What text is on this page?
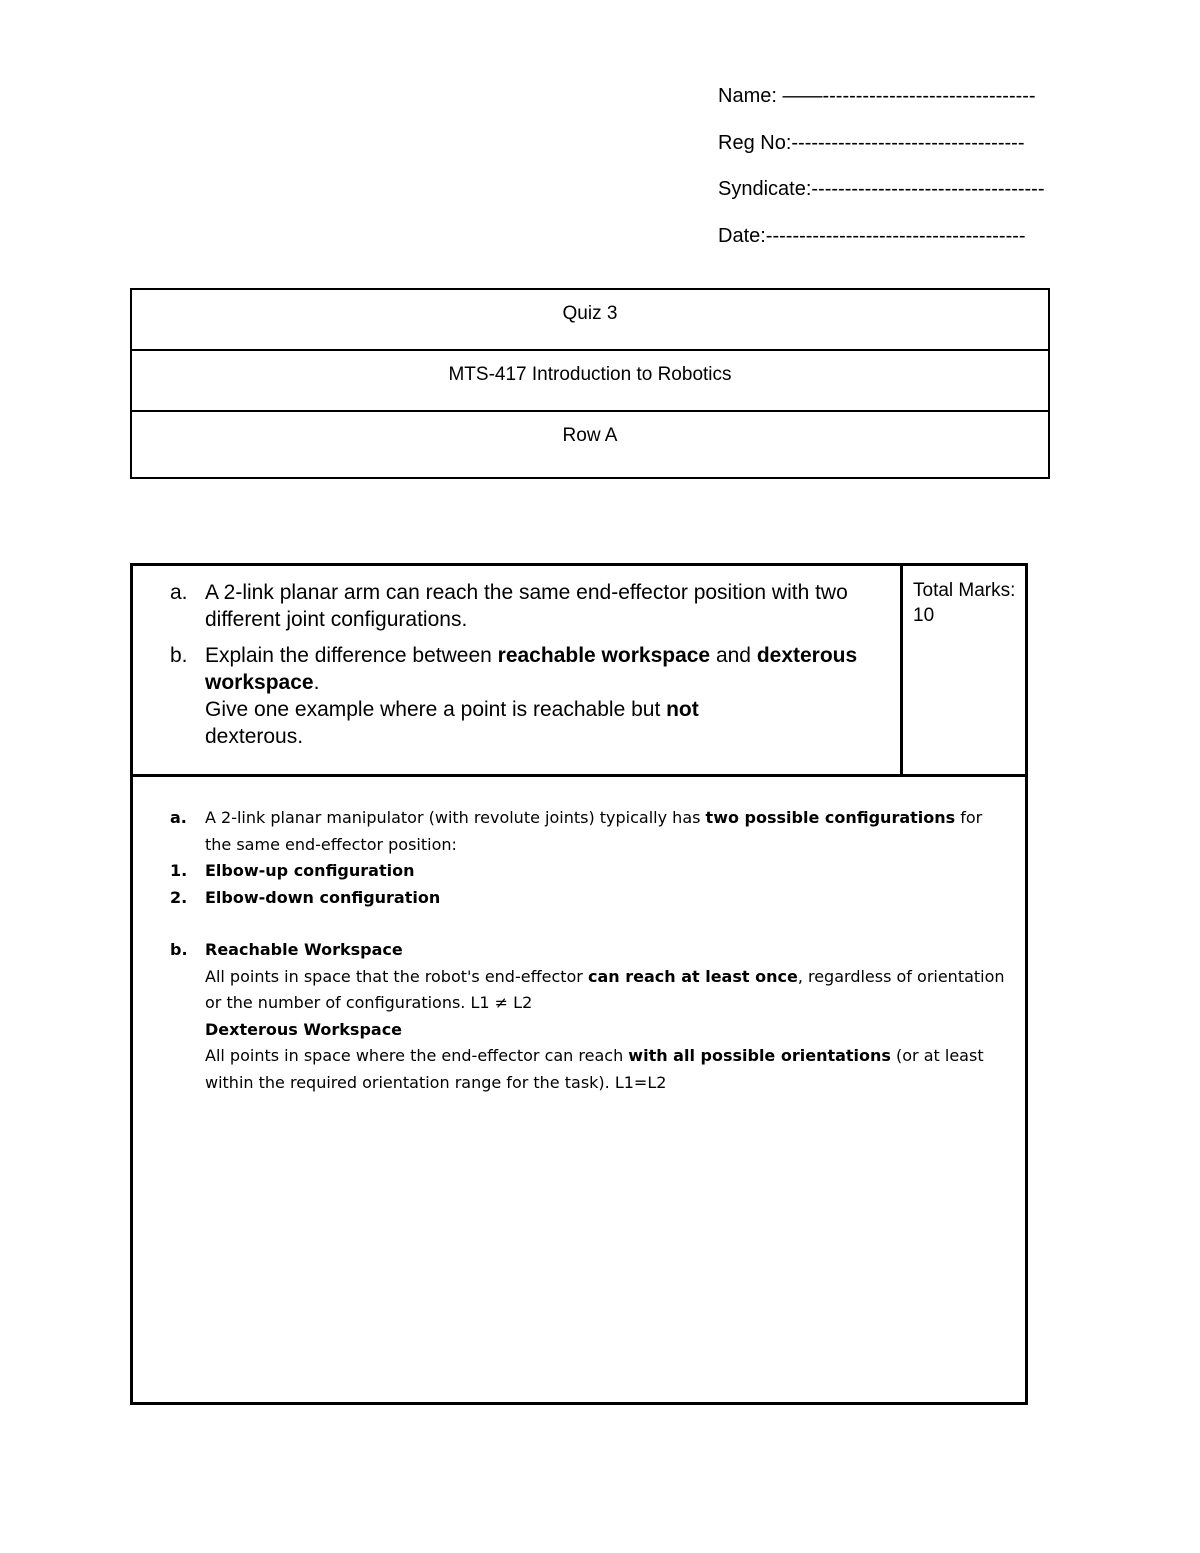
Name: ——--------------------------------
Reg No:-----------------------------------
Syndicate:-----------------------------------
Date:---------------------------------------
Quiz 3
MTS-417 Introduction to Robotics
Row A
a. A 2-link planar arm can reach the same end-effector position with two different joint configurations.
b. Explain the difference between reachable workspace and dexterous workspace.
Give one example where a point is reachable but not
dexterous.
Total Marks: 10
a. A 2-link planar manipulator (with revolute joints) typically has two possible configurations for the same end-effector position:
1. Elbow-up configuration
2. Elbow-down configuration
b. Reachable Workspace
All points in space that the robot's end-effector can reach at least once, regardless of orientation or the number of configurations. L1 ≠ L2
Dexterous Workspace
All points in space where the end-effector can reach with all possible orientations (or at least within the required orientation range for the task). L1=L2
